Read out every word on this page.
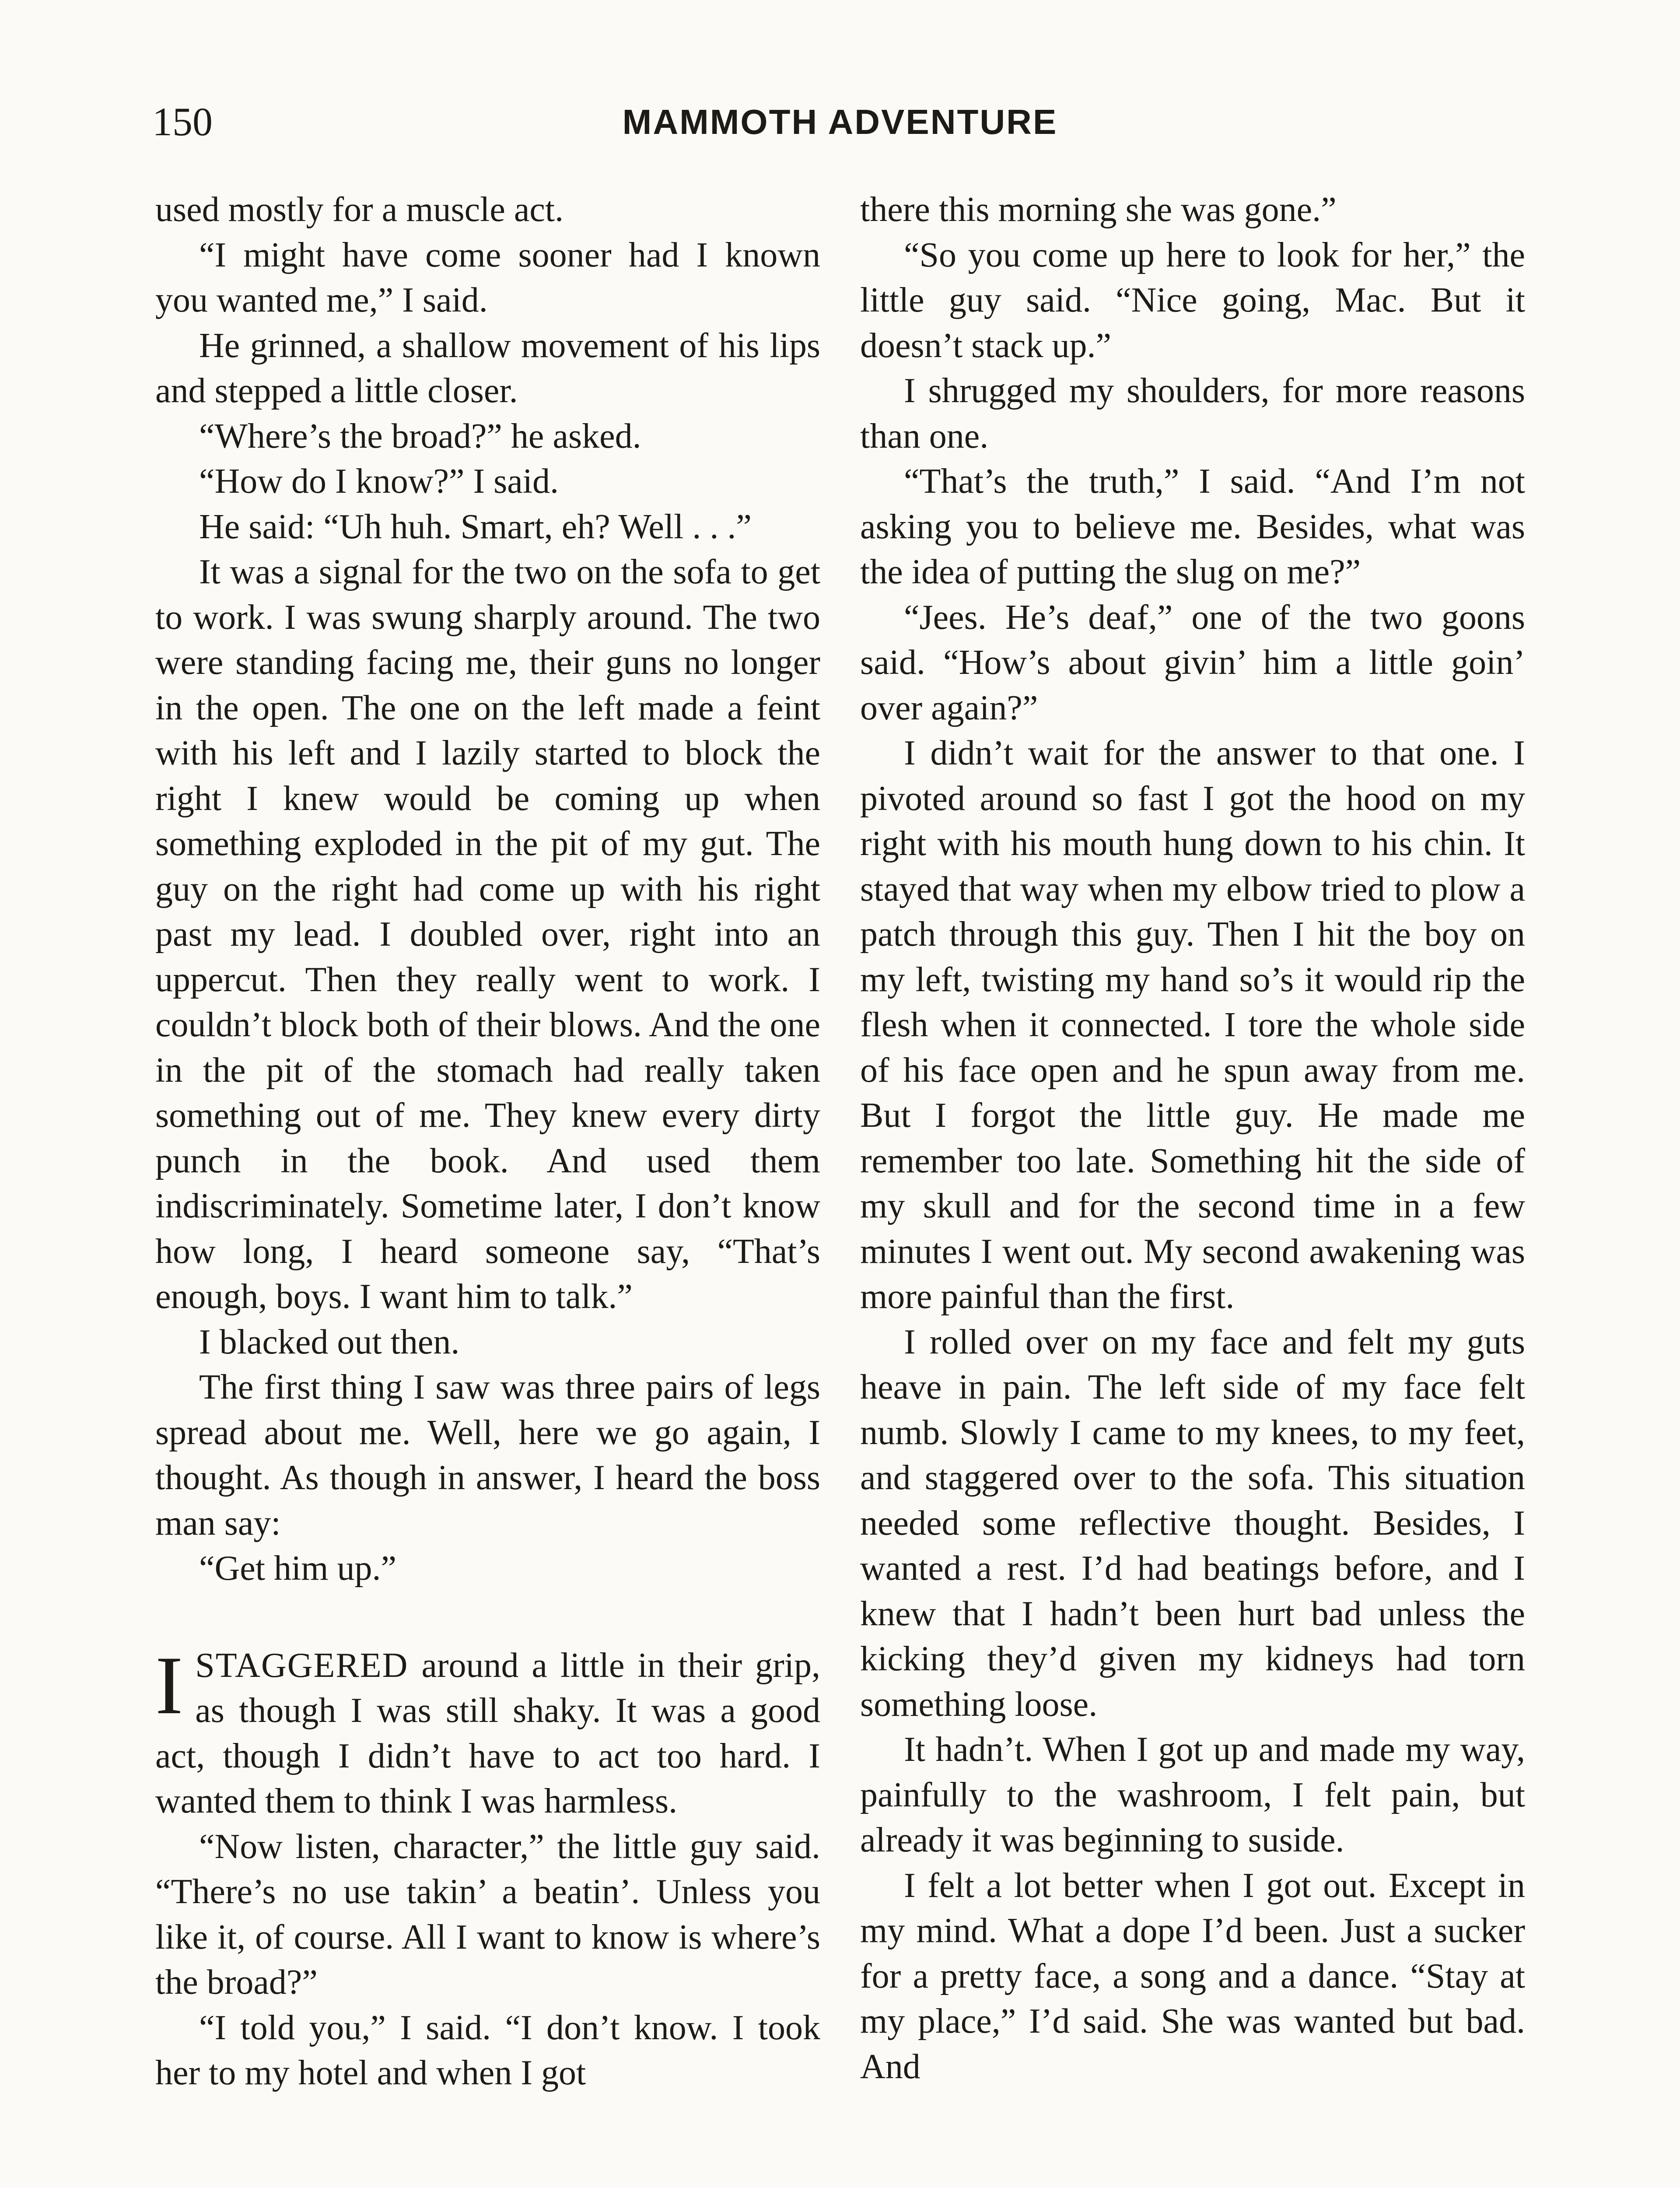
150	MAMMOTH ADVENTURE

used mostly for a muscle act.

“I might have come sooner had I known you wanted me,” I said.

He grinned, a shallow movement of his lips and stepped a little closer.

“Where’s the broad?” he asked.

“How do I know?” I said.

He said: “Uh huh. Smart, eh? Well . . .”

It was a signal for the two on the sofa to get to work. I was swung sharply around. The two were standing facing me, their guns no longer in the open. The one on the left made a feint with his left and I lazily started to block the right I knew would be coming up when something exploded in the pit of my gut. The guy on the right had come up with his right past my lead. I doubled over, right into an uppercut. Then they really went to work. I couldn’t block both of their blows. And the one in the pit of the stomach had really taken something out of me. They knew every dirty punch in the book. And used them indiscriminately. Sometime later, I don’t know how long, I heard someone say, “That’s enough, boys. I want him to talk.”

I blacked out then.

The first thing I saw was three pairs of legs spread about me. Well, here we go again, I thought. As though in answer, I heard the boss man say:

“Get him up.”

ISTAGGERED around a little in their grip, as though I was still shaky. It was a good act, though I didn’t have to act too hard. I wanted them to think I was harmless.

“Now listen, character,” the little guy said. “There’s no use takin’ a beatin’. Unless you like it, of course. All I want to know is where’s the broad?”

“I told you,” I said. “I don’t know. I took her to my hotel and when I got

there this morning she was gone.”

“So you come up here to look for her,” the little guy said. “Nice going, Mac. But it doesn’t stack up.”

I shrugged my shoulders, for more reasons than one.

“That’s the truth,” I said. “And I’m not asking you to believe me. Besides, what was the idea of putting the slug on me?”

“Jees. He’s deaf,” one of the two goons said. “How’s about givin’ him a little goin’ over again?”

I didn’t wait for the answer to that one. I pivoted around so fast I got the hood on my right with his mouth hung down to his chin. It stayed that way when my elbow tried to plow a patch through this guy. Then I hit the boy on my left, twisting my hand so’s it would rip the flesh when it connected. I tore the whole side of his face open and he spun away from me. But I forgot the little guy. He made me remember too late. Something hit the side of my skull and for the second time in a few minutes I went out. My second awakening was more painful than the first.

I rolled over on my face and felt my guts heave in pain. The left side of my face felt numb. Slowly I came to my knees, to my feet, and staggered over to the sofa. This situation needed some reflective thought. Besides, I wanted a rest. I’d had beatings before, and I knew that I hadn’t been hurt bad unless the kicking they’d given my kidneys had torn something loose.

It hadn’t. When I got up and made my way, painfully to the washroom, I felt pain, but already it was beginning to suside.

I felt a lot better when I got out. Except in my mind. What a dope I’d been. Just a sucker for a pretty face, a song and a dance. “Stay at my place,” I’d said. She was wanted but bad. And
